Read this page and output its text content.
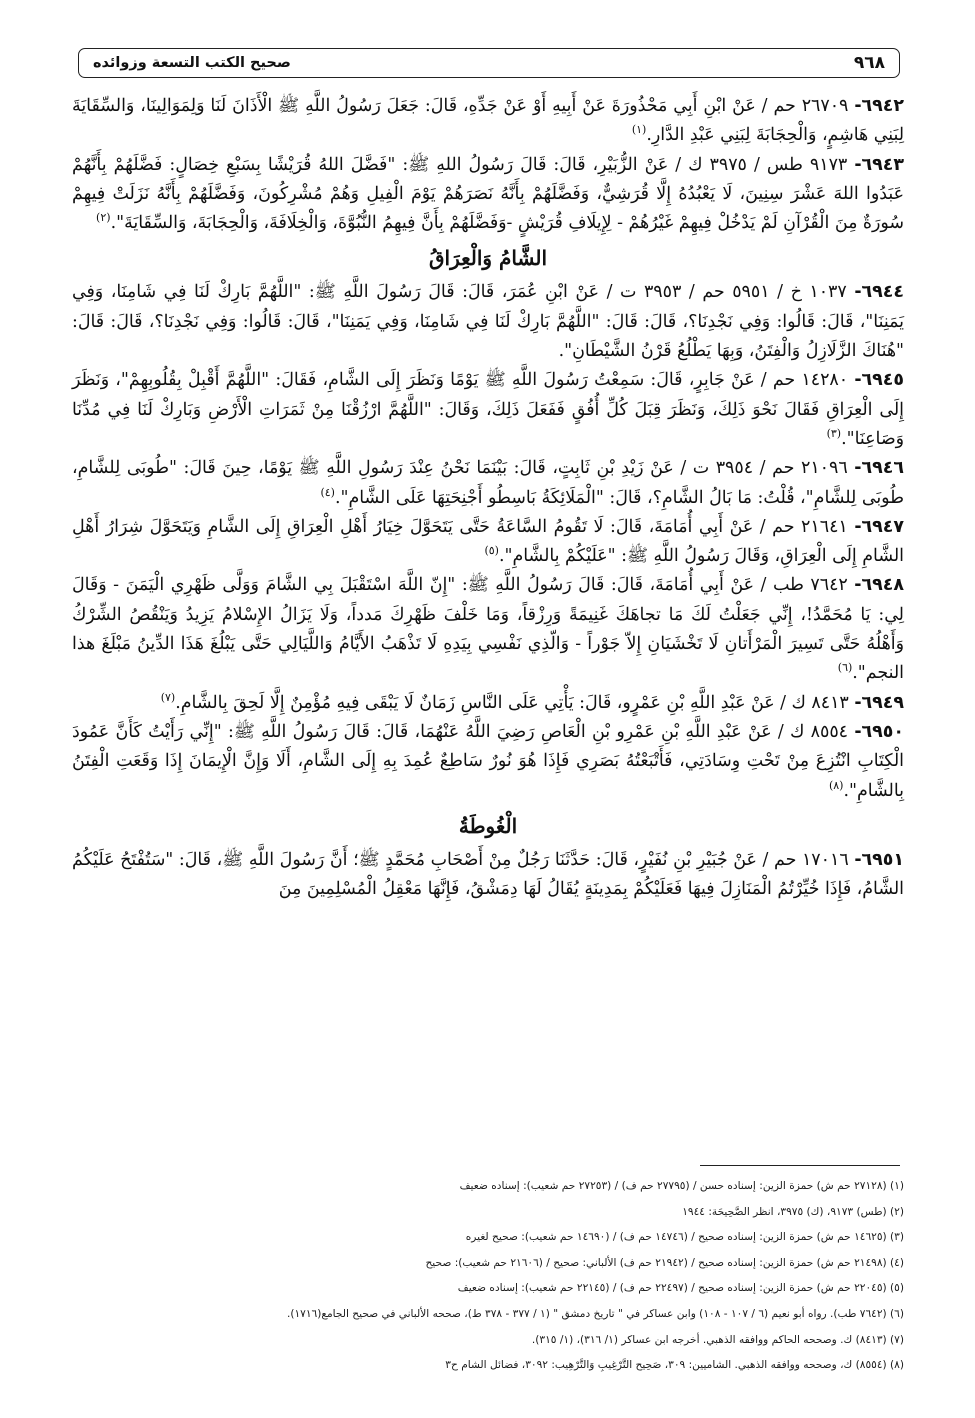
٩٦٨
صحيح الكتب التسعة وزوائده

٦٩٤٢- ٢٦٧٠٩ حم / عَنْ ابْنِ أَبِي مَحْذُورَةَ عَنْ أَبِيهِ أَوْ عَنْ جَدِّهِ، قَالَ: جَعَلَ رَسُولُ اللَّهِ ﷺ الْأَذَانَ لَنَا وَلِمَوَالِينَا، وَالسِّقَايَةَ لِبَنِي هَاشِمٍ، وَالْحِجَابَةَ لِبَنِي عَبْدِ الدَّارِ.$^{(١)}$

٦٩٤٣- ٩١٧٣ طس / ٣٩٧٥ ك / عَنْ الزُّبَيْرِ، قَالَ: قَالَ رَسُولُ اللهِ ﷺ: "فَضَّلَ اللهُ قُرَيْشًا بِسَبْعِ خِصَالٍ: فَضَّلَهُمْ بِأَنَّهُمْ عَبَدُوا اللهَ عَشْرَ سِنِينَ، لَا يَعْبُدُهُ إِلَّا قُرَشِيٌّ، وَفَضَّلَهُمْ بِأَنَّهُ نَصَرَهُمْ يَوْمَ الْفِيلِ وَهُمْ مُشْرِكُونَ، وَفَضَّلَهُمْ بِأَنَّهُ نَزَلَتْ فِيهِمْ سُورَةٌ مِنَ الْقُرْآنِ لَمْ يَدْخُلْ فِيهِمْ غَيْرُهُمْ - لِإِيلَافِ قُرَيْشٍ -وَفَضَّلَهُمْ بِأَنَّ فِيهِمُ النُّبُوَّةَ، وَالْخِلَافَةَ، وَالْحِجَابَةَ، وَالسِّقَايَةَ".$^{(٢)}$

الشَّامُ وَالْعِرَاقُ

٦٩٤٤- ١٠٣٧ خ / ٥٩٥١ حم / ٣٩٥٣ ت / عَنْ ابْنِ عُمَرَ، قَالَ: قَالَ رَسُولَ اللَّهِ ﷺ: "اللَّهُمَّ بَارِكْ لَنَا فِي شَامِنَا، وَفِي يَمَنِنَا"، قَالَ: قَالُوا: وَفِي نَجْدِنَا؟، قَالَ: قَالَ: "اللَّهُمَّ بَارِكْ لَنَا فِي شَامِنَا، وَفِي يَمَنِنَا"، قَالَ: قَالُوا: وَفِي نَجْدِنَا؟، قَالَ: قَالَ: "هُنَاكَ الزَّلَازِلُ وَالْفِتَنُ، وَبِهَا يَطْلُعُ قَرْنُ الشَّيْطَانِ".

٦٩٤٥- ١٤٢٨٠ حم / عَنْ جَابِرٍ، قَالَ: سَمِعْتُ رَسُولَ اللَّهِ ﷺ يَوْمًا وَنَظَرَ إِلَى الشَّامِ، فَقَالَ: "اللَّهُمَّ أَقْبِلْ بِقُلُوبِهِمْ"، وَنَظَرَ إِلَى الْعِرَاقِ فَقَالَ نَحْوَ ذَلِكَ، وَنَظَرَ قِبَلَ كُلِّ أُفُقٍ فَفَعَلَ ذَلِكَ، وَقَالَ: "اللَّهُمَّ ارْزُقْنَا مِنْ ثَمَرَاتِ الْأَرْضِ وَبَارِكْ لَنَا فِي مُدِّنَا وَصَاعِنَا".$^{(٣)}$

٦٩٤٦- ٢١٠٩٦ حم / ٣٩٥٤ ت / عَنْ زَيْدِ بْنِ ثَابِتٍ، قَالَ: بَيْنَمَا نَحْنُ عِنْدَ رَسُولِ اللَّهِ ﷺ يَوْمًا، حِينَ قَالَ: "طُوبَى لِلشَّامِ، طُوبَى لِلشَّامِ"، قُلْتُ: مَا بَالُ الشَّامِ؟، قَالَ: "الْمَلَائِكَةُ بَاسِطُو أَجْنِحَتِهَا عَلَى الشَّامِ".$^{(٤)}$

٦٩٤٧- ٢١٦٤١ حم / عَنْ أَبِي أُمَامَةَ، قَالَ: لَا تَقُومُ السَّاعَةُ حَتَّى يَتَحَوَّلَ خِيَارُ أَهْلِ الْعِرَاقِ إِلَى الشَّامِ وَيَتَحَوَّلَ شِرَارُ أَهْلِ الشَّامِ إِلَى الْعِرَاقِ، وَقَالَ رَسُولُ اللَّهِ ﷺ: "عَلَيْكُمْ بِالشَّامِ".$^{(٥)}$

٦٩٤٨- ٧٦٤٢ طب / عَنْ أَبِي أُمَامَةَ، قَالَ: قَالَ رَسُولُ اللَّهِ ﷺ: "إِنّ اللَّهَ اسْتَقْبَلَ بِي الشَّامَ وَوَلَّى ظَهْرِي الْيَمَنَ - وَقَالَ لِي: يَا مُحَمَّدُ!، إِنِّي جَعَلْتُ لَكَ مَا تجاهَكَ غَنِيمَةً وَرِزْقاً، وَمَا خَلْفَ ظَهْرِكَ مَدداً، وَلَا يَزَالُ الإِسْلامُ يَزِيدُ وَيَنْقُصُ الشِّرْكُ وَأَهْلُهُ حَتَّى تَسِيرَ الْمَرْأَتانِ لَا تَخْشَيَانِ إِلاّ جَوْراً - وَالّذِي نَفْسِي بِيَدِهِ لَا تَذْهَبُ الأَيَّامُ وَاللَّيَالِي حَتَّى يَبْلُغَ هَذَا الدِّينُ مَبْلَغَ هذا النجم".$^{(٦)}$

٦٩٤٩- ٨٤١٣ ك / عَنْ عَبْدِ اللَّهِ بْنِ عَمْرٍو، قَالَ: يَأْتِي عَلَى النَّاسِ زَمَانٌ لَا يَبْقَى فِيهِ مُؤْمِنٌ إِلَّا لَحِقَ بِالشَّامِ.$^{(٧)}$

٦٩٥٠- ٨٥٥٤ ك / عَنْ عَبْدِ اللَّهِ بْنِ عَمْرِو بْنِ الْعَاصِ رَضِيَ اللَّهُ عَنْهُمَا، قَالَ: قَالَ رَسُولُ اللَّهِ ﷺ: "إِنِّي رَأَيْتُ كَأَنَّ عَمُودَ الْكِتَابِ انْتُزِعَ مِنْ تَحْتِ وِسَادَتِي، فَأَتْبَعْتُهُ بَصَرِي فَإِذَا هُوَ نُورٌ سَاطِعٌ عُمِدَ بِهِ إِلَى الشَّامِ، أَلَا وَإِنَّ الْإِيمَانَ إِذَا وَقَعَتِ الْفِتَنُ بِالشَّامِ".$^{(٨)}$

الْغُوطَةُ

٦٩٥١- ١٧٠١٦ حم / عَنْ جُبَيْرِ بْنِ نُفَيْرٍ، قَالَ: حَدَّثَنَا رَجُلٌ مِنْ أَصْحَابِ مُحَمَّدٍ ﷺ؛ أَنَّ رَسُولَ اللَّهِ ﷺ، قَالَ: "سَتُفْتَحُ عَلَيْكُمُ الشَّامُ، فَإِذَا خُيِّرْتُمُ الْمَنَازِلَ فِيهَا فَعَلَيْكُمْ بِمَدِينَةٍ يُقَالُ لَهَا دِمَشْقُ، فَإِنَّهَا مَعْقِلُ الْمُسْلِمِينَ مِنَ

(١) (٢٧١٢٨ حم ش) حمزة الزين: إسناده حسن / (٢٧٧٩٥ حم ف) / (٢٧٢٥٣ حم شعيب): إسناده ضعيف

(٢) (طس) ٩١٧٣، (ك) ٣٩٧٥، انظر الصَّحِيحَة: ١٩٤٤

(٣) (١٤٦٢٥ حم ش) حمزة الزين: إسناده صحيح / (١٤٧٤٦ حم ف) / (١٤٦٩٠ حم شعيب): صحيح لغيره

(٤) (٢١٤٩٨ حم ش) حمزة الزين: إسناده صحيح / (٢١٩٤٢ حم ف) الألباني: صحيح / (٢١٦٠٦ حم شعيب): صحيح

(٥) (٢٢٠٤٥ حم ش) حمزة الزين: إسناده صحيح / (٢٢٤٩٧ حم ف) / (٢٢١٤٥ حم شعيب): إسناده ضعيف

(٦) (٧٦٤٢ طب). رواه أبو نعيم (٦ / ١٠٧ - ١٠٨) وابن عساكر في " تاريخ دمشق " (١ / ٣٧٧ - ٣٧٨ ط)، صححه الألباني في صحيح الجامع(١٧١٦).

(٧) (٨٤١٣) ك. وصححه الحاكم ووافقه الذهبي. أخرجه ابن عساكر (١/ ٣١٦)، (١/ ٣١٥).

(٨) (٨٥٥٤) ك، وصححه ووافقه الذهبي. الشاميين: ٣٠٩، صَحِيح التَّرْغِيبِ وَالتَّرْهِيب: ٣٠٩٢، فضائل الشام ح٣
